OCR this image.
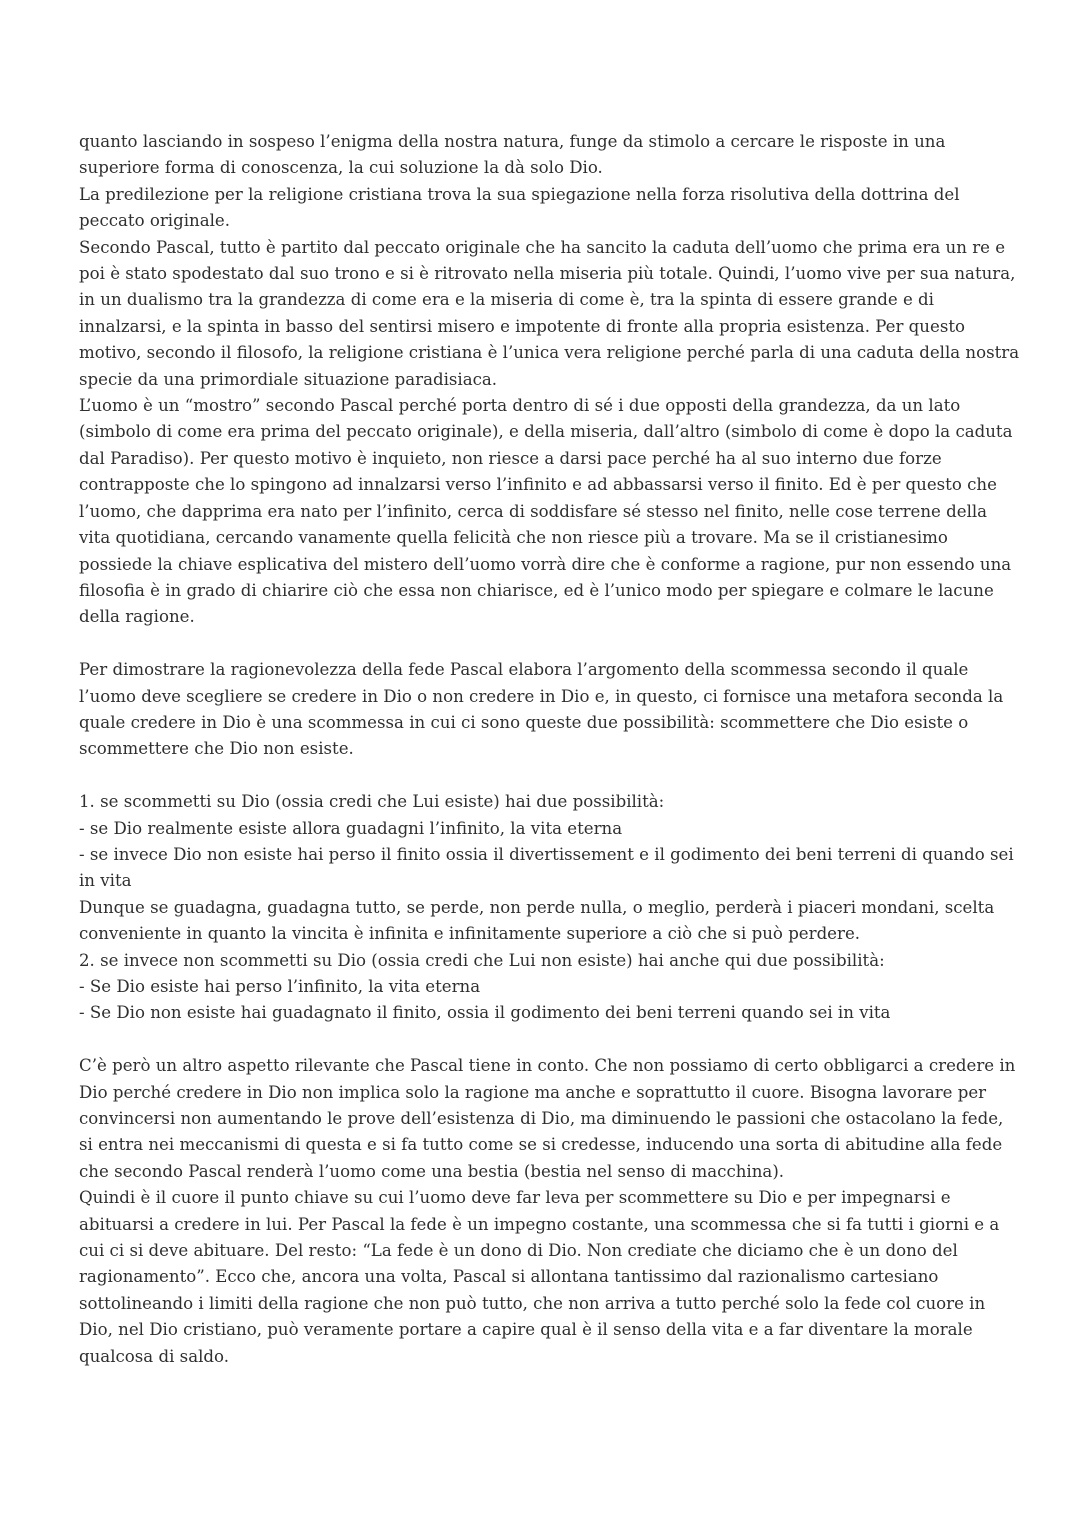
quanto lasciando in sospeso l’enigma della nostra natura, funge da stimolo a cercare le risposte in una superiore forma di conoscenza, la cui soluzione la dà solo Dio.

La predilezione per la religione cristiana trova la sua spiegazione nella forza risolutiva della dottrina del peccato originale.

Secondo Pascal, tutto è partito dal peccato originale che ha sancito la caduta dell’uomo che prima era un re e poi è stato spodestato dal suo trono e si è ritrovato nella miseria più totale. Quindi, l’uomo vive per sua natura, in un dualismo tra la grandezza di come era e la miseria di come è, tra la spinta di essere grande e di innalzarsi, e la spinta in basso del sentirsi misero e impotente di fronte alla propria esistenza. Per questo motivo, secondo il filosofo, la religione cristiana è l’unica vera religione perché parla di una caduta della nostra specie da una primordiale situazione paradisiaca.

L’uomo è un “mostro” secondo Pascal perché porta dentro di sé i due opposti della grandezza, da un lato (simbolo di come era prima del peccato originale), e della miseria, dall’altro (simbolo di come è dopo la caduta dal Paradiso). Per questo motivo è inquieto, non riesce a darsi pace perché ha al suo interno due forze contrapposte che lo spingono ad innalzarsi verso l’infinito e ad abbassarsi verso il finito. Ed è per questo che l’uomo, che dapprima era nato per l’infinito, cerca di soddisfare sé stesso nel finito, nelle cose terrene della vita quotidiana, cercando vanamente quella felicità che non riesce più a trovare. Ma se il cristianesimo possiede la chiave esplicativa del mistero dell’uomo vorrà dire che è conforme a ragione, pur non essendo una filosofia è in grado di chiarire ciò che essa non chiarisce, ed è l’unico modo per spiegare e colmare le lacune della ragione.

Per dimostrare la ragionevolezza della fede Pascal elabora l’argomento della scommessa secondo il quale l’uomo deve scegliere se credere in Dio o non credere in Dio e, in questo, ci fornisce una metafora seconda la quale credere in Dio è una scommessa in cui ci sono queste due possibilità: scommettere che Dio esiste o scommettere che Dio non esiste.

1. se scommetti su Dio (ossia credi che Lui esiste) hai due possibilità:

- se Dio realmente esiste allora guadagni l’infinito, la vita eterna

- se invece Dio non esiste hai perso il finito ossia il divertissement e il godimento dei beni terreni di quando sei in vita

Dunque se guadagna, guadagna tutto, se perde, non perde nulla, o meglio, perderà i piaceri mondani, scelta conveniente in quanto la vincita è infinita e infinitamente superiore a ciò che si può perdere.

2. se invece non scommetti su Dio (ossia credi che Lui non esiste) hai anche qui due possibilità:

- Se Dio esiste hai perso l’infinito, la vita eterna

- Se Dio non esiste hai guadagnato il finito, ossia il godimento dei beni terreni quando sei in vita

C’è però un altro aspetto rilevante che Pascal tiene in conto. Che non possiamo di certo obbligarci a credere in Dio perché credere in Dio non implica solo la ragione ma anche e soprattutto il cuore. Bisogna lavorare per convincersi non aumentando le prove dell’esistenza di Dio, ma diminuendo le passioni che ostacolano la fede, si entra nei meccanismi di questa e si fa tutto come se si credesse, inducendo una sorta di abitudine alla fede che secondo Pascal renderà l’uomo come una bestia (bestia nel senso di macchina).

Quindi è il cuore il punto chiave su cui l’uomo deve far leva per scommettere su Dio e per impegnarsi e abituarsi a credere in lui. Per Pascal la fede è un impegno costante, una scommessa che si fa tutti i giorni e a cui ci si deve abituare. Del resto: “La fede è un dono di Dio. Non crediate che diciamo che è un dono del ragionamento”. Ecco che, ancora una volta, Pascal si allontana tantissimo dal razionalismo cartesiano sottolineando i limiti della ragione che non può tutto, che non arriva a tutto perché solo la fede col cuore in Dio, nel Dio cristiano, può veramente portare a capire qual è il senso della vita e a far diventare la morale qualcosa di saldo.
